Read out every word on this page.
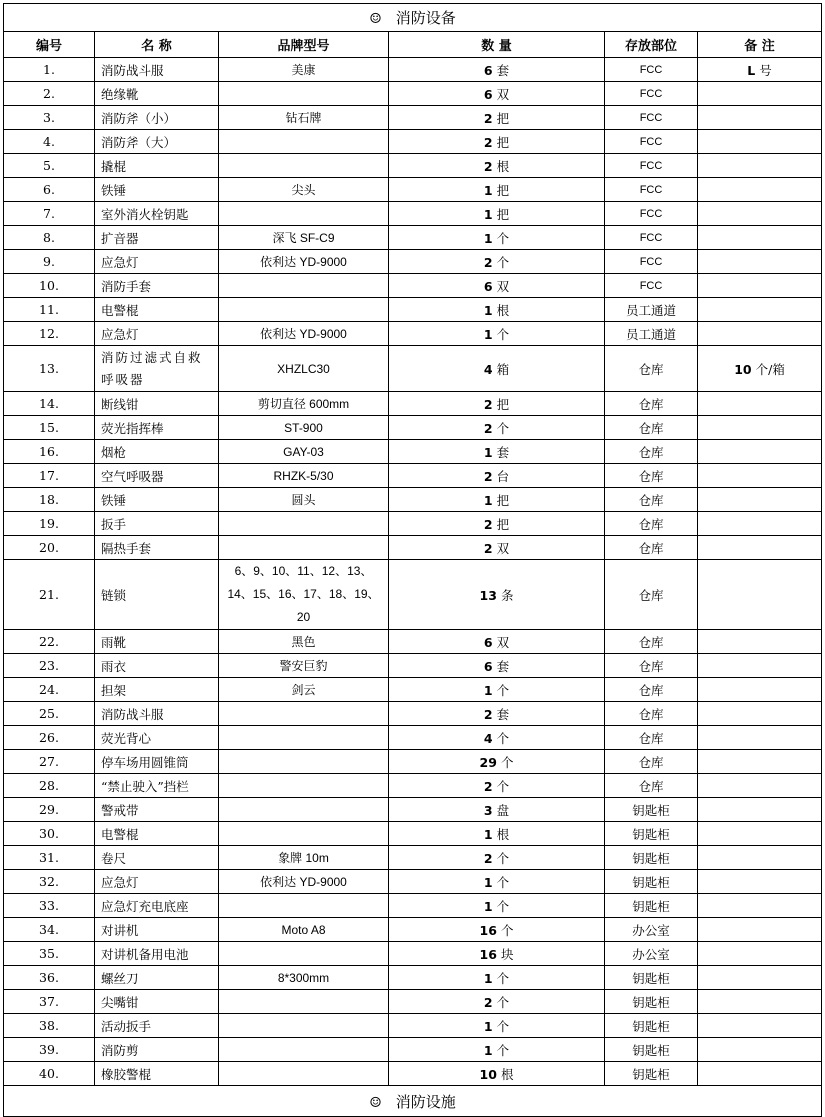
☺ 消防设备					
编号	名 称	品牌型号	数 量	存放部位	备 注
1.	消防战斗服	美康	6 套	FCC	L 号
2.	绝缘靴		6 双	FCC	
3.	消防斧（小）	钻石牌	2 把	FCC	
4.	消防斧（大）		2 把	FCC	
5.	撬棍		2 根	FCC	
6.	铁锤	尖头	1 把	FCC	
7.	室外消火栓钥匙		1 把	FCC	
8.	扩音器	深飞 SF-C9	1 个	FCC	
9.	应急灯	依利达 YD-9000	2 个	FCC	
10.	消防手套		6 双	FCC	
11.	电警棍		1 根	员工通道	
12.	应急灯	依利达 YD-9000	1 个	员工通道	
13.	消防过滤式自救呼吸器	XHZLC30	4 箱	仓库	10 个/箱
14.	断线钳	剪切直径 600mm	2 把	仓库	
15.	荧光指挥棒	ST-900	2 个	仓库	
16.	烟枪	GAY-03	1 套	仓库	
17.	空气呼吸器	RHZK-5/30	2 台	仓库	
18.	铁锤	圆头	1 把	仓库	
19.	扳手		2 把	仓库	
20.	隔热手套		2 双	仓库	
21.	链锁	6、9、10、11、12、13、14、15、16、17、18、19、20	13 条	仓库	
22.	雨靴	黑色	6 双	仓库	
23.	雨衣	警安巨豹	6 套	仓库	
24.	担架	剑云	1 个	仓库	
25.	消防战斗服		2 套	仓库	
26.	荧光背心		4 个	仓库	
27.	停车场用圆锥筒		29 个	仓库	
28.	“禁止驶入”挡栏		2 个	仓库	
29.	警戒带		3 盘	钥匙柜	
30.	电警棍		1 根	钥匙柜	
31.	卷尺	象牌 10m	2 个	钥匙柜	
32.	应急灯	依利达 YD-9000	1 个	钥匙柜	
33.	应急灯充电底座		1 个	钥匙柜	
34.	对讲机	Moto A8	16 个	办公室	
35.	对讲机备用电池		16 块	办公室	
36.	螺丝刀	8*300mm	1 个	钥匙柜	
37.	尖嘴钳		2 个	钥匙柜	
38.	活动扳手		1 个	钥匙柜	
39.	消防剪		1 个	钥匙柜	
40.	橡胶警棍		10 根	钥匙柜	
☺ 消防设施					
